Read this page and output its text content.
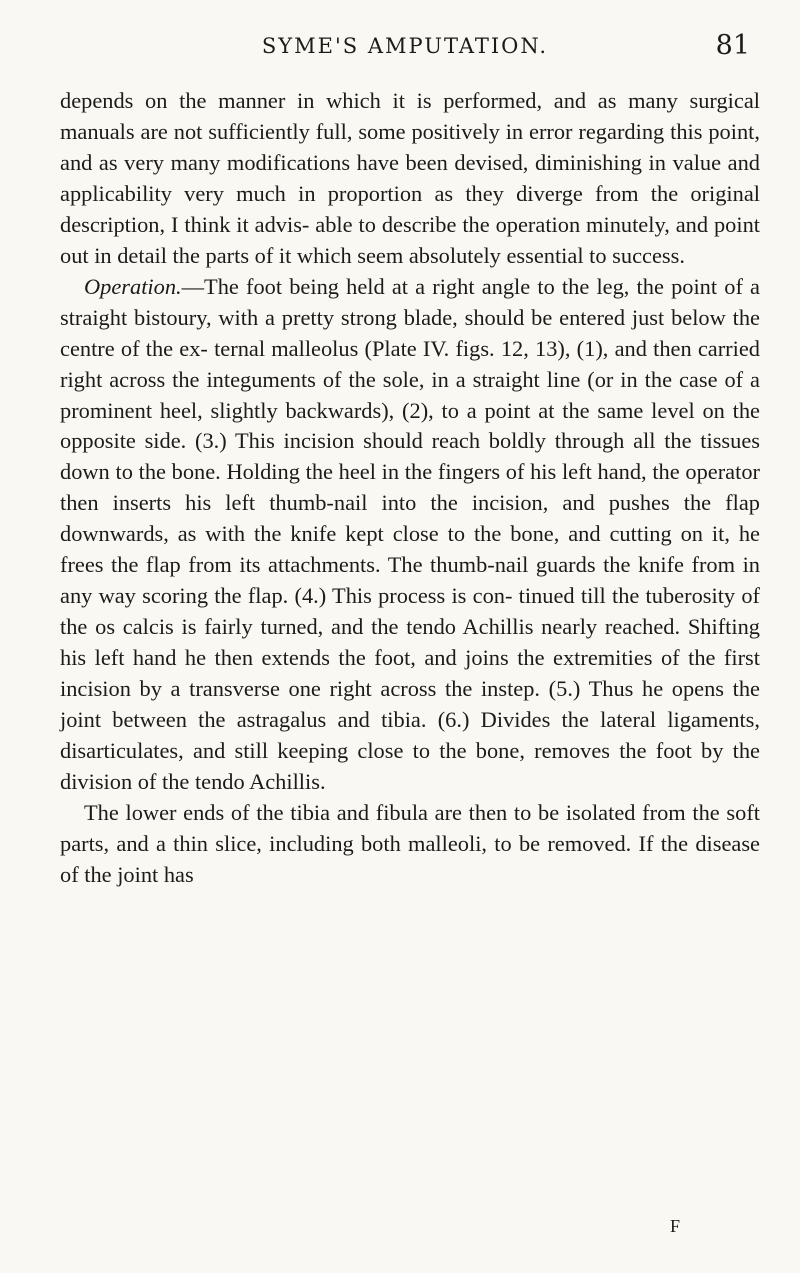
SYME'S AMPUTATION.	81

depends on the manner in which it is performed, and as many surgical manuals are not sufficiently full, some positively in error regarding this point, and as very many modifications have been devised, diminishing in value and applicability very much in proportion as they diverge from the original description, I think it advis- able to describe the operation minutely, and point out in detail the parts of it which seem absolutely essential to success.

Operation.—The foot being held at a right angle to the leg, the point of a straight bistoury, with a pretty strong blade, should be entered just below the centre of the ex- ternal malleolus (Plate IV. figs. 12, 13), (1), and then carried right across the integuments of the sole, in a straight line (or in the case of a prominent heel, slightly backwards), (2), to a point at the same level on the opposite side. (3.) This incision should reach boldly through all the tissues down to the bone. Holding the heel in the fingers of his left hand, the operator then inserts his left thumb-nail into the incision, and pushes the flap downwards, as with the knife kept close to the bone, and cutting on it, he frees the flap from its attachments. The thumb-nail guards the knife from in any way scoring the flap. (4.) This process is con- tinued till the tuberosity of the os calcis is fairly turned, and the tendo Achillis nearly reached. Shifting his left hand he then extends the foot, and joins the extremities of the first incision by a transverse one right across the instep. (5.) Thus he opens the joint between the astragalus and tibia. (6.) Divides the lateral ligaments, disarticulates, and still keeping close to the bone, removes the foot by the division of the tendo Achillis.

The lower ends of the tibia and fibula are then to be isolated from the soft parts, and a thin slice, including both malleoli, to be removed. If the disease of the joint has

F
